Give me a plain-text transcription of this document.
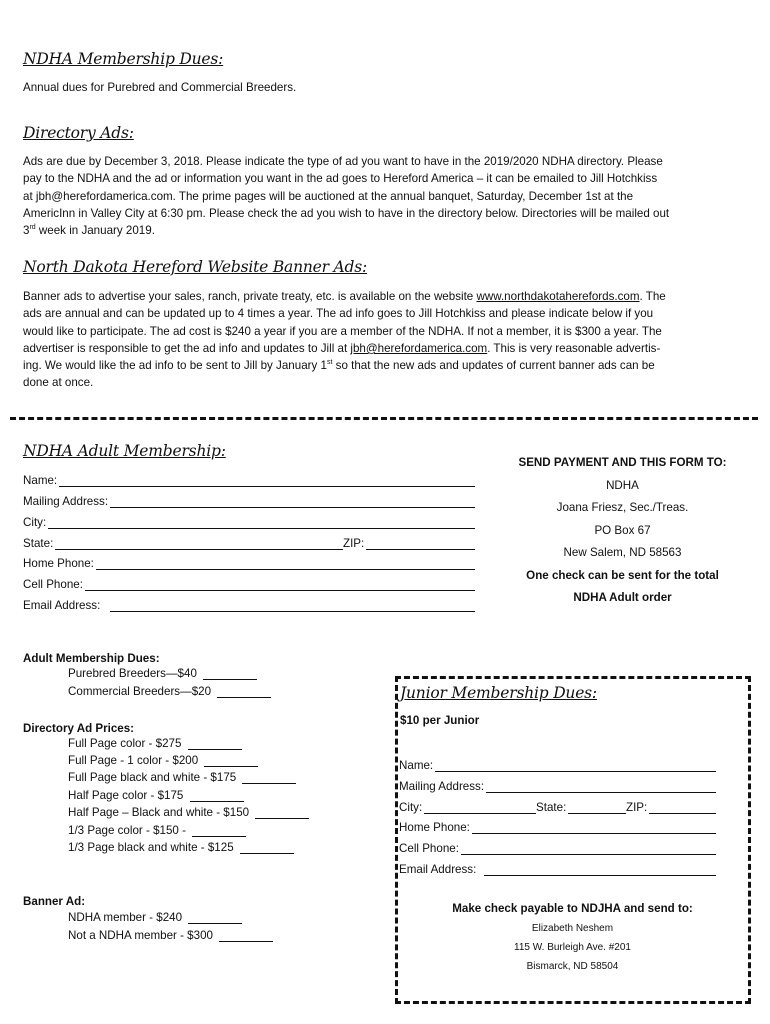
NDHA Membership Dues:
Annual dues for Purebred and Commercial Breeders.
Directory Ads:
Ads are due by December 3, 2018. Please indicate the type of ad you want to have in the 2019/2020 NDHA directory. Please
pay to the NDHA and the ad or information you want in the ad goes to Hereford America – it can be emailed to Jill Hotchkiss
at jbh@herefordamerica.com. The prime pages will be auctioned at the annual banquet, Saturday, December 1st at the
AmericInn in Valley City at 6:30 pm. Please check the ad you wish to have in the directory below. Directories will be mailed out
3rd week in January 2019.
North Dakota Hereford Website Banner Ads:
Banner ads to advertise your sales, ranch, private treaty, etc. is available on the website www.northdakotaherefords.com. The
ads are annual and can be updated up to 4 times a year. The ad info goes to Jill Hotchkiss and please indicate below if you
would like to participate. The ad cost is $240 a year if you are a member of the NDHA. If not a member, it is $300 a year. The
advertiser is responsible to get the ad info and updates to Jill at jbh@herefordamerica.com. This is very reasonable advertis-
ing. We would like the ad info to be sent to Jill by January 1st so that the new ads and updates of current banner ads can be
done at once.
NDHA Adult Membership:
Name:
Mailing Address:
City:
State:	ZIP:
Home Phone:
Cell Phone:
Email Address:
SEND PAYMENT AND THIS FORM TO:
NDHA
Joana Friesz, Sec./Treas.
PO Box 67
New Salem, ND 58563
One check can be sent for the total
NDHA Adult order
Adult Membership Dues:
Purebred Breeders—$40
Commercial Breeders—$20
Directory Ad Prices:
Full Page color - $275
Full Page - 1 color - $200
Full Page black and white - $175
Half Page color - $175
Half Page – Black and white - $150
1/3 Page color - $150 -
1/3 Page black and white - $125
Banner Ad:
NDHA member - $240
Not a NDHA member - $300
Junior Membership Dues:
$10 per Junior
Name:
Mailing Address:
City:	State:	ZIP:
Home Phone:
Cell Phone:
Email Address:
Make check payable to NDJHA and send to:
Elizabeth Neshem
115 W. Burleigh Ave. #201
Bismarck, ND 58504
